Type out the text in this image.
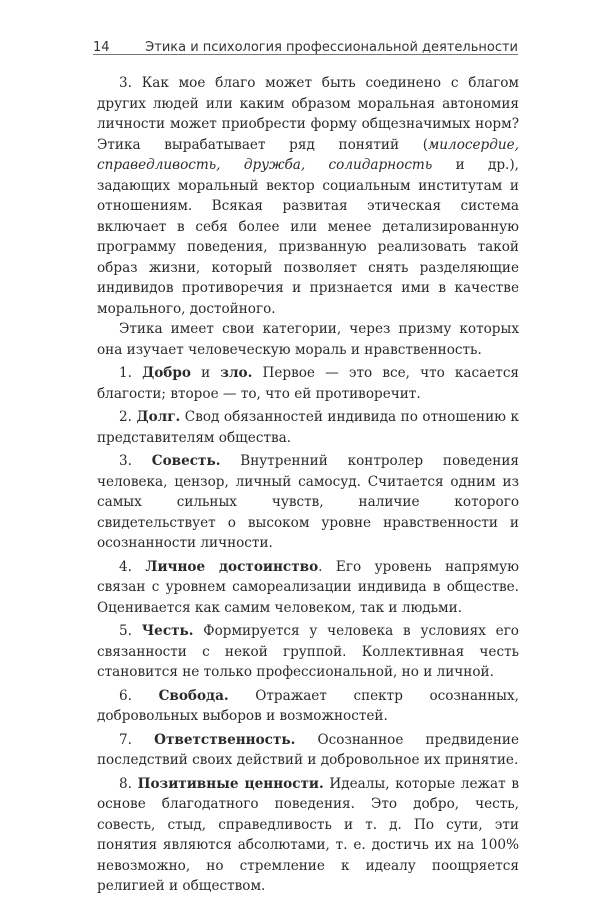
14	Этика и психология профессиональной деятельности

3. Как мое благо может быть соединено с благом других людей или каким образом моральная автономия личности может приобрести форму общезначимых норм? Этика вырабатывает ряд понятий (милосердие, справедливость, дружба, солидарность и др.), задающих моральный вектор социальным институтам и отношениям. Всякая развитая этическая система включает в себя более или менее детализированную программу поведения, призванную реализовать такой образ жизни, который позволяет снять разделяющие индивидов противоречия и признается ими в качестве морального, достойного.

Этика имеет свои категории, через призму которых она изучает человеческую мораль и нравственность.

1. Добро и зло. Первое — это все, что касается благости; второе — то, что ей противоречит.

2. Долг. Свод обязанностей индивида по отношению к представителям общества.

3. Совесть. Внутренний контролер поведения человека, цензор, личный самосуд. Считается одним из самых сильных чувств, наличие которого свидетельствует о высоком уровне нравственности и осознанности личности.

4. Личное достоинство. Его уровень напрямую связан с уровнем самореализации индивида в обществе. Оценивается как самим человеком, так и людьми.

5. Честь. Формируется у человека в условиях его связанности с некой группой. Коллективная честь становится не только профессиональной, но и личной.

6. Свобода. Отражает спектр осознанных, добровольных выборов и возможностей.

7. Ответственность. Осознанное предвидение последствий своих действий и добровольное их принятие.

8. Позитивные ценности. Идеалы, которые лежат в основе благодатного поведения. Это добро, честь, совесть, стыд, справедливость и т. д. По сути, эти понятия являются абсолютами, т. е. достичь их на 100% невозможно, но стремление к идеалу поощряется религией и обществом.
